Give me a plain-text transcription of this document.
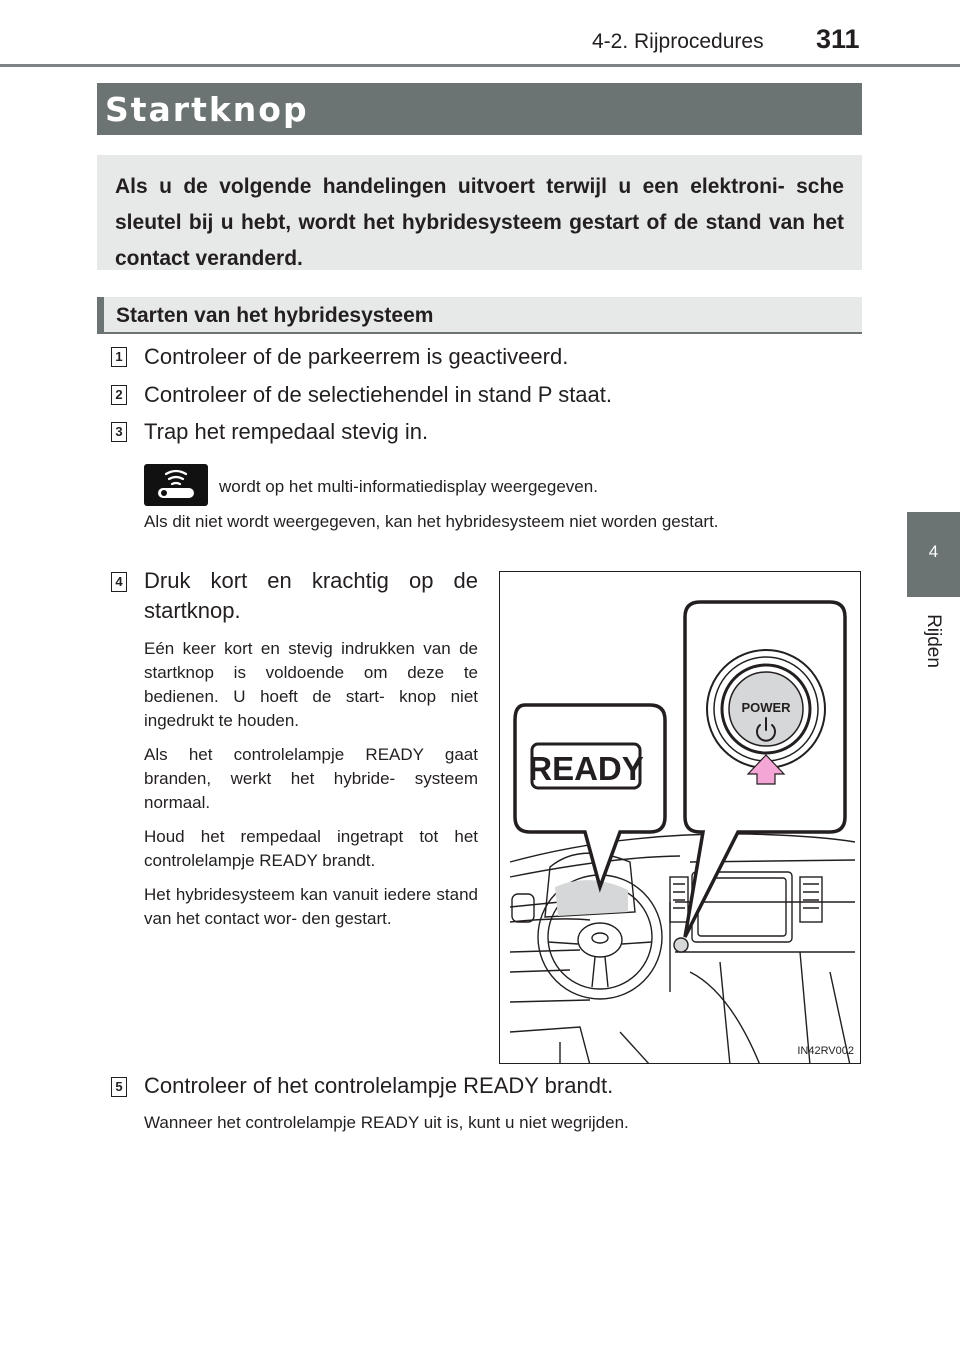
4-2. Rijprocedures 311
4
Rijden
Startknop

Als u de volgende handelingen uitvoert terwijl u een elektroni- sche sleutel bij u hebt, wordt het hybridesysteem gestart of de stand van het contact veranderd.

Starten van het hybridesysteem
1 Controleer of de parkeerrem is geactiveerd.
2 Controleer of de selectiehendel in stand P staat.
3 Trap het rempedaal stevig in.
wordt op het multi-informatiedisplay weergegeven.
Als dit niet wordt weergegeven, kan het hybridesysteem niet worden gestart.
4 Druk kort en krachtig op de startknop.
Eén keer kort en stevig indrukken van de startknop is voldoende om deze te bedienen. U hoeft de start- knop niet ingedrukt te houden.
Als het controlelampje READY gaat branden, werkt het hybride- systeem normaal.
Houd het rempedaal ingetrapt tot het controlelampje READY brandt.
Het hybridesysteem kan vanuit iedere stand van het contact wor- den gestart.
READY
POWER
IN42RV002
5 Controleer of het controlelampje READY brandt.
Wanneer het controlelampje READY uit is, kunt u niet wegrijden.
